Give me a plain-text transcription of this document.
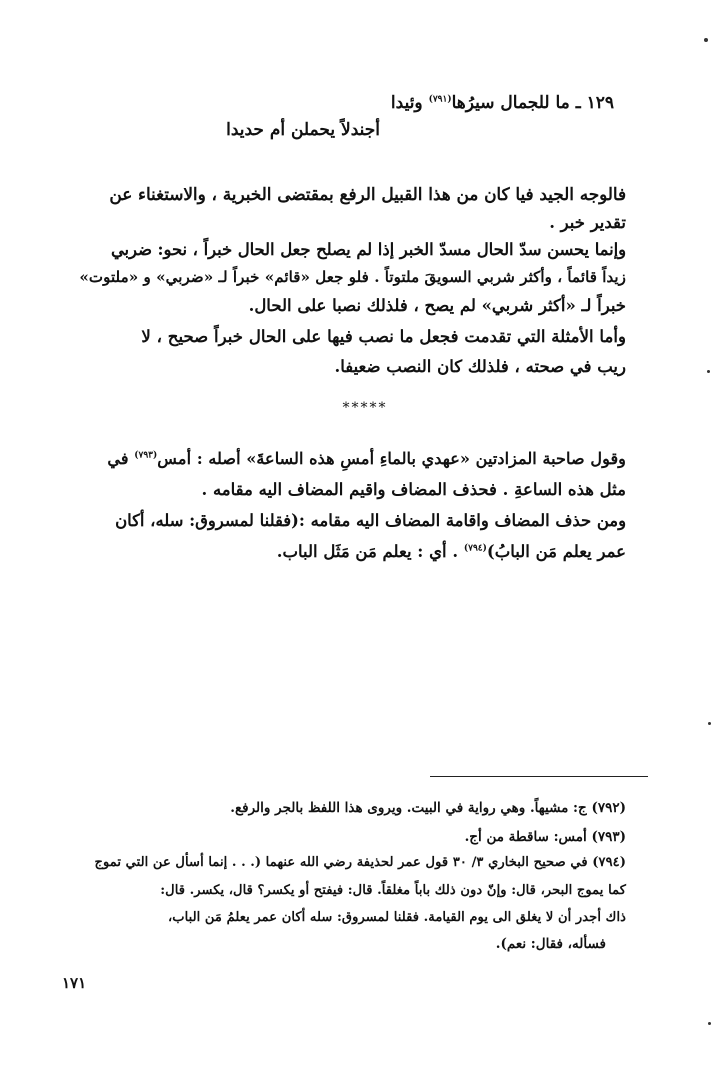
١٢٩ ـ ما للجمال سيرُها$^{(٧٩١)}$ وئيدا
أجندلاً يحملن أم حديدا
فالوجه الجيد فيا كان من هذا القبيل الرفع بمقتضى الخبرية ، والاستغناء عن
تقدير خبر .
وإنما يحسن سدّ الحال مسدّ الخبر إذا لم يصلح جعل الحال خبراً ، نحو: ضربي
زيداً قائماً ، وأكثر شربي السويقَ ملتوتاً . فلو جعل «قائم» خبراً لـ «ضربي» و «ملتوت»
خبراً لـ «أكثر شربي» لم يصح ، فلذلك نصبا على الحال.
وأما الأمثلة التي تقدمت فجعل ما نصب فيها على الحال خبراً صحيح ، لا
ريب في صحته ، فلذلك كان النصب ضعيفا.
*****
وقول صاحبة المزادتين «عهدي بالماءِ أمسِ هذه الساعةَ» أصله : أمس$^{(٧٩٣)}$ في
مثل هذه الساعةِ . فحذف المضاف واقيم المضاف اليه مقامه .
ومن حذف المضاف واقامة المضاف اليه مقامه :(فقلنا لمسروق: سله، أكان
عمر يعلم مَن البابُ)$^{(٧٩٤)}$ . أي : يعلم مَن مَثَل الباب.
(٧٩٢) ج: مشيهاً. وهي رواية في البيت. ويروى هذا اللفظ بالجر والرفع.
(٧٩٣) أمس: ساقطة من أج.
(٧٩٤) في صحيح البخاري ٣/ ٣٠ قول عمر لحذيفة رضي الله عنهما (. . . إنما أسأل عن التي تموج
كما يموج البحر، قال: وإنّ دون ذلك باباً مغلقاً. قال: فيفتح أو يكسر؟ قال، يكسر. قال:
ذاك أجدر أن لا يغلق الى يوم القيامة. فقلنا لمسروق: سله أكان عمر يعلمُ مَن الباب،
فسأله، فقال: نعم).
١٧١
